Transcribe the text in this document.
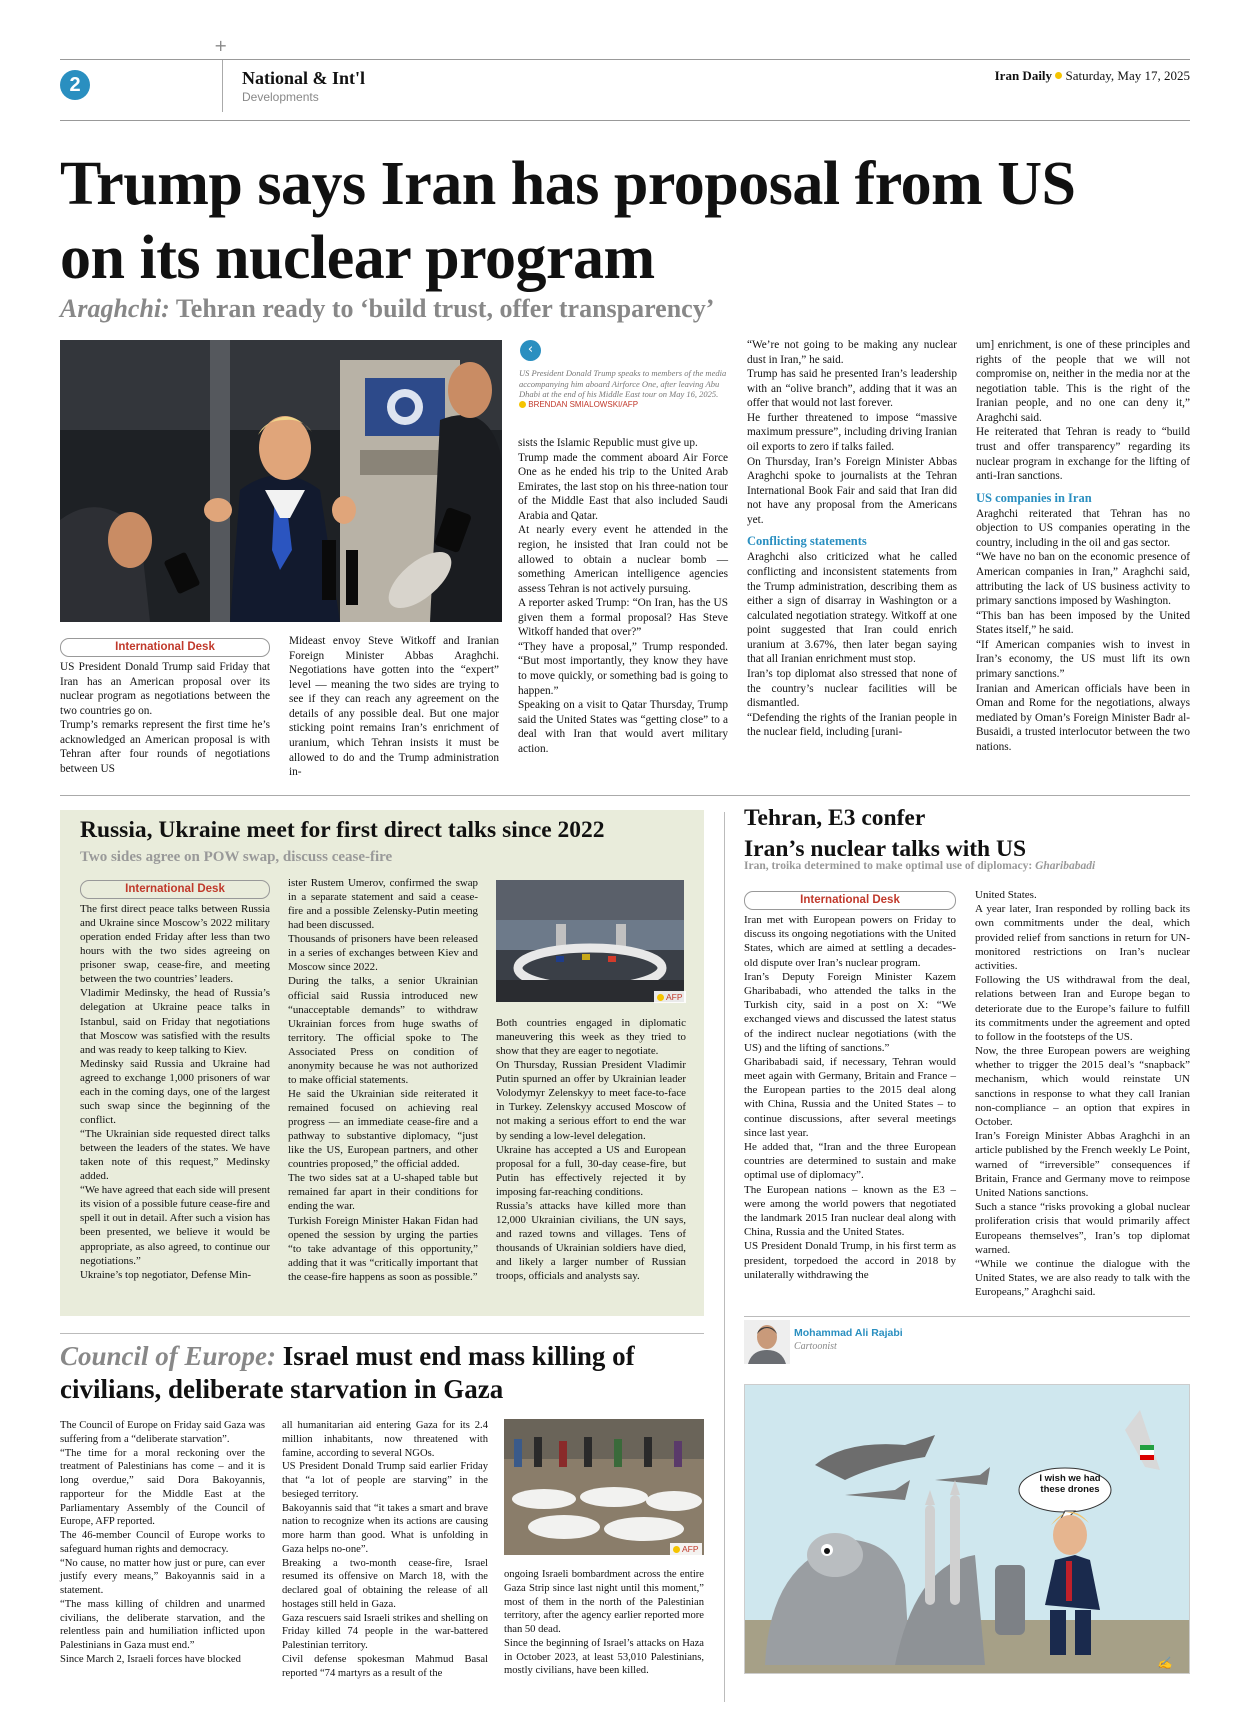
+
2	National & Int'l
Developments
Iran Daily Saturday, May 17, 2025
Trump says Iran has proposal from US
on its nuclear program
Araghchi: Tehran ready to ‘build trust, offer transparency’
‹
US President Donald Trump speaks to members of the media accompanying him aboard Airforce One, after leaving Abu Dhabi at the end of his Middle East tour on May 16, 2025.
BRENDAN SMIALOWSKI/AFP
International Desk

US President Donald Trump said Friday that Iran has an American proposal over its nuclear program as negotiations between the two countries go on.

Trump’s remarks represent the first time he’s acknowledged an American proposal is with Tehran after four rounds of negotiations between US

Mideast envoy Steve Witkoff and Iranian Foreign Minister Abbas Araghchi. Negotiations have gotten into the “expert” level — meaning the two sides are trying to see if they can reach any agreement on the details of any possible deal. But one major sticking point remains Iran’s enrichment of uranium, which Tehran insists it must be allowed to do and the Trump administration in-

sists the Islamic Republic must give up.

Trump made the comment aboard Air Force One as he ended his trip to the United Arab Emirates, the last stop on his three-nation tour of the Middle East that also included Saudi Arabia and Qatar.

At nearly every event he attended in the region, he insisted that Iran could not be allowed to obtain a nuclear bomb — something American intelligence agencies assess Tehran is not actively pursuing.

A reporter asked Trump: “On Iran, has the US given them a formal proposal? Has Steve Witkoff handed that over?”

“They have a proposal,” Trump responded. “But most importantly, they know they have to move quickly, or something bad is going to happen.”

Speaking on a visit to Qatar Thursday, Trump said the United States was “getting close” to a deal with Iran that would avert military action.

“We’re not going to be making any nuclear dust in Iran,” he said.

Trump has said he presented Iran’s leadership with an “olive branch”, adding that it was an offer that would not last forever.

He further threatened to impose “massive maximum pressure”, including driving Iranian oil exports to zero if talks failed.

On Thursday, Iran’s Foreign Minister Abbas Araghchi spoke to journalists at the Tehran International Book Fair and said that Iran did not have any proposal from the Americans yet.

Conflicting statements

Araghchi also criticized what he called conflicting and inconsistent statements from the Trump administration, describing them as either a sign of disarray in Washington or a calculated negotiation strategy. Witkoff at one point suggested that Iran could enrich uranium at 3.67%, then later began saying that all Iranian enrichment must stop.

Iran’s top diplomat also stressed that none of the country’s nuclear facilities will be dismantled.

“Defending the rights of the Iranian people in the nuclear field, including [urani-

um] enrichment, is one of these principles and rights of the people that we will not compromise on, neither in the media nor at the negotiation table. This is the right of the Iranian people, and no one can deny it,” Araghchi said.

He reiterated that Tehran is ready to “build trust and offer transparency” regarding its nuclear program in exchange for the lifting of anti-Iran sanctions.

US companies in Iran

Araghchi reiterated that Tehran has no objection to US companies operating in the country, including in the oil and gas sector.

“We have no ban on the economic presence of American companies in Iran,” Araghchi said, attributing the lack of US business activity to primary sanctions imposed by Washington.

“This ban has been imposed by the United States itself,” he said.

“If American companies wish to invest in Iran’s economy, the US must lift its own primary sanctions.”

Iranian and American officials have been in Oman and Rome for the negotiations, always mediated by Oman’s Foreign Minister Badr al-Busaidi, a trusted interlocutor between the two nations.

Russia, Ukraine meet for first direct talks since 2022
Two sides agree on POW swap, discuss cease-fire
International Desk

The first direct peace talks between Russia and Ukraine since Moscow’s 2022 military operation ended Friday after less than two hours with the two sides agreeing on prisoner swap, cease-fire, and meeting between the two countries’ leaders.

Vladimir Medinsky, the head of Russia’s delegation at Ukraine peace talks in Istanbul, said on Friday that negotiations that Moscow was satisfied with the results and was ready to keep talking to Kiev.

Medinsky said Russia and Ukraine had agreed to exchange 1,000 prisoners of war each in the coming days, one of the largest such swap since the beginning of the conflict.

“The Ukrainian side requested direct talks between the leaders of the states. We have taken note of this request,” Medinsky added.

“We have agreed that each side will present its vision of a possible future cease-fire and spell it out in detail. After such a vision has been presented, we believe it would be appropriate, as also agreed, to continue our negotiations.”

Ukraine’s top negotiator, Defense Min-

ister Rustem Umerov, confirmed the swap in a separate statement and said a cease-fire and a possible Zelensky-Putin meeting had been discussed.

Thousands of prisoners have been released in a series of exchanges between Kiev and Moscow since 2022.

During the talks, a senior Ukrainian official said Russia introduced new “unacceptable demands” to withdraw Ukrainian forces from huge swaths of territory. The official spoke to The Associated Press on condition of anonymity because he was not authorized to make official statements.

He said the Ukrainian side reiterated it remained focused on achieving real progress — an immediate cease-fire and a pathway to substantive diplomacy, “just like the US, European partners, and other countries proposed,” the official added.

The two sides sat at a U-shaped table but remained far apart in their conditions for ending the war.

Turkish Foreign Minister Hakan Fidan had opened the session by urging the parties “to take advantage of this opportunity,” adding that it was “critically important that the cease-fire happens as soon as possible.”

AFP

Both countries engaged in diplomatic maneuvering this week as they tried to show that they are eager to negotiate.

On Thursday, Russian President Vladimir Putin spurned an offer by Ukrainian leader Volodymyr Zelenskyy to meet face-to-face in Turkey. Zelenskyy accused Moscow of not making a serious effort to end the war by sending a low-level delegation.

Ukraine has accepted a US and European proposal for a full, 30-day cease-fire, but Putin has effectively rejected it by imposing far-reaching conditions.

Russia’s attacks have killed more than 12,000 Ukrainian civilians, the UN says, and razed towns and villages. Tens of thousands of Ukrainian soldiers have died, and likely a larger number of Russian troops, officials and analysts say.

Tehran, E3 confer
Iran’s nuclear talks with US
Iran, troika determined to make optimal use of diplomacy: Gharibabadi
International Desk

Iran met with European powers on Friday to discuss its ongoing negotiations with the United States, which are aimed at settling a decades-old dispute over Iran’s nuclear program.

Iran’s Deputy Foreign Minister Kazem Gharibabadi, who attended the talks in the Turkish city, said in a post on X: “We exchanged views and discussed the latest status of the indirect nuclear negotiations (with the US) and the lifting of sanctions.”

Gharibabadi said, if necessary, Tehran would meet again with Germany, Britain and France – the European parties to the 2015 deal along with China, Russia and the United States – to continue discussions, after several meetings since last year.

He added that, “Iran and the three European countries are determined to sustain and make optimal use of diplomacy”.

The European nations – known as the E3 – were among the world powers that negotiated the landmark 2015 Iran nuclear deal along with China, Russia and the United States.

US President Donald Trump, in his first term as president, torpedoed the accord in 2018 by unilaterally withdrawing the

United States.

A year later, Iran responded by rolling back its own commitments under the deal, which provided relief from sanctions in return for UN-monitored restrictions on Iran’s nuclear activities.

Following the US withdrawal from the deal, relations between Iran and Europe began to deteriorate due to the Europe’s failure to fulfill its commitments under the agreement and opted to follow in the footsteps of the US.

Now, the three European powers are weighing whether to trigger the 2015 deal’s “snapback” mechanism, which would reinstate UN sanctions in response to what they call Iranian non-compliance – an option that expires in October.

Iran’s Foreign Minister Abbas Araghchi in an article published by the French weekly Le Point, warned of “irreversible” consequences if Britain, France and Germany move to reimpose United Nations sanctions.

Such a stance “risks provoking a global nuclear proliferation crisis that would primarily affect Europeans themselves”, Iran’s top diplomat warned.

“While we continue the dialogue with the United States, we are also ready to talk with the Europeans,” Araghchi said.

Mohammad Ali Rajabi
Cartoonist
✍
I wish we had these drones
Council of Europe: Israel must end mass killing of civilians, deliberate starvation in Gaza

The Council of Europe on Friday said Gaza was suffering from a “deliberate starvation”.

“The time for a moral reckoning over the treatment of Palestinians has come – and it is long overdue,” said Dora Bakoyannis, rapporteur for the Middle East at the Parliamentary Assembly of the Council of Europe, AFP reported.

The 46-member Council of Europe works to safeguard human rights and democracy.

“No cause, no matter how just or pure, can ever justify every means,” Bakoyannis said in a statement.

“The mass killing of children and unarmed civilians, the deliberate starvation, and the relentless pain and humiliation inflicted upon Palestinians in Gaza must end.”

Since March 2, Israeli forces have blocked

all humanitarian aid entering Gaza for its 2.4 million inhabitants, now threatened with famine, according to several NGOs.

US President Donald Trump said earlier Friday that “a lot of people are starving” in the besieged territory.

Bakoyannis said that “it takes a smart and brave nation to recognize when its actions are causing more harm than good. What is unfolding in Gaza helps no-one”.

Breaking a two-month cease-fire, Israel resumed its offensive on March 18, with the declared goal of obtaining the release of all hostages still held in Gaza.

Gaza rescuers said Israeli strikes and shelling on Friday killed 74 people in the war-battered Palestinian territory.

Civil defense spokesman Mahmud Basal reported “74 martyrs as a result of the

AFP

ongoing Israeli bombardment across the entire Gaza Strip since last night until this moment,” most of them in the north of the Palestinian territory, after the agency earlier reported more than 50 dead.

Since the beginning of Israel’s attacks on Haza in October 2023, at least 53,010 Palestinians, mostly civilians, have been killed.
